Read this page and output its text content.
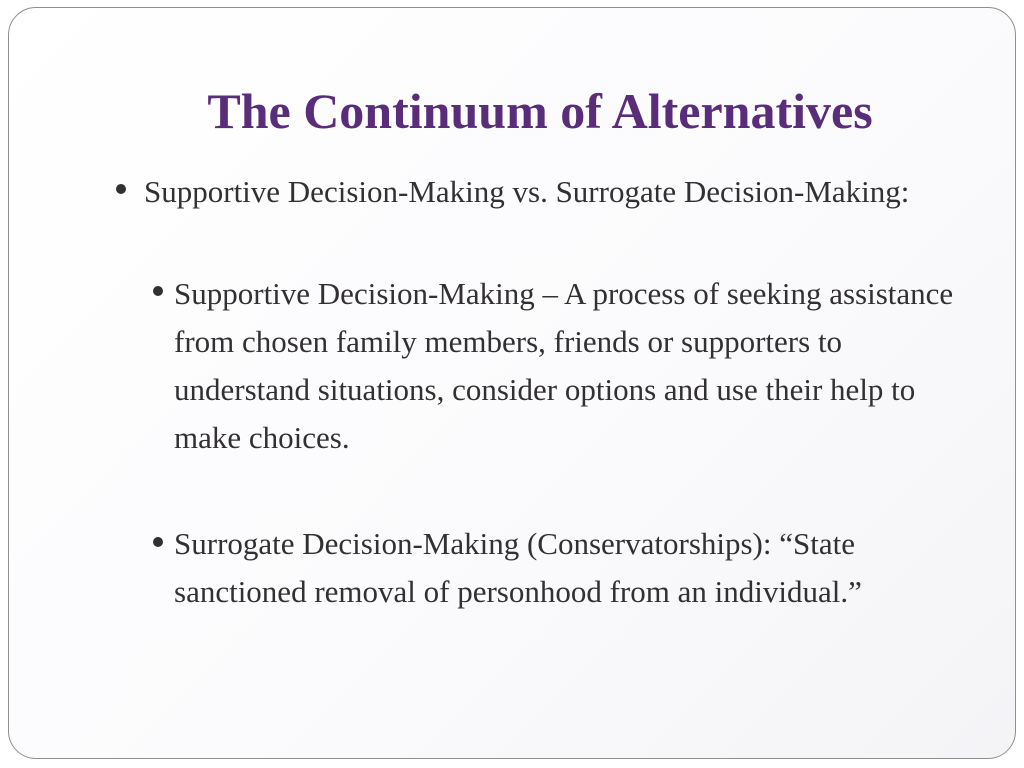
The Continuum of Alternatives

Supportive Decision-Making vs. Surrogate Decision-Making:

Supportive Decision-Making – A process of seeking assistance from chosen family members, friends or supporters to understand situations, consider options and use their help to make choices.

Surrogate Decision-Making (Conservatorships): “State sanctioned removal of personhood from an individual.”
